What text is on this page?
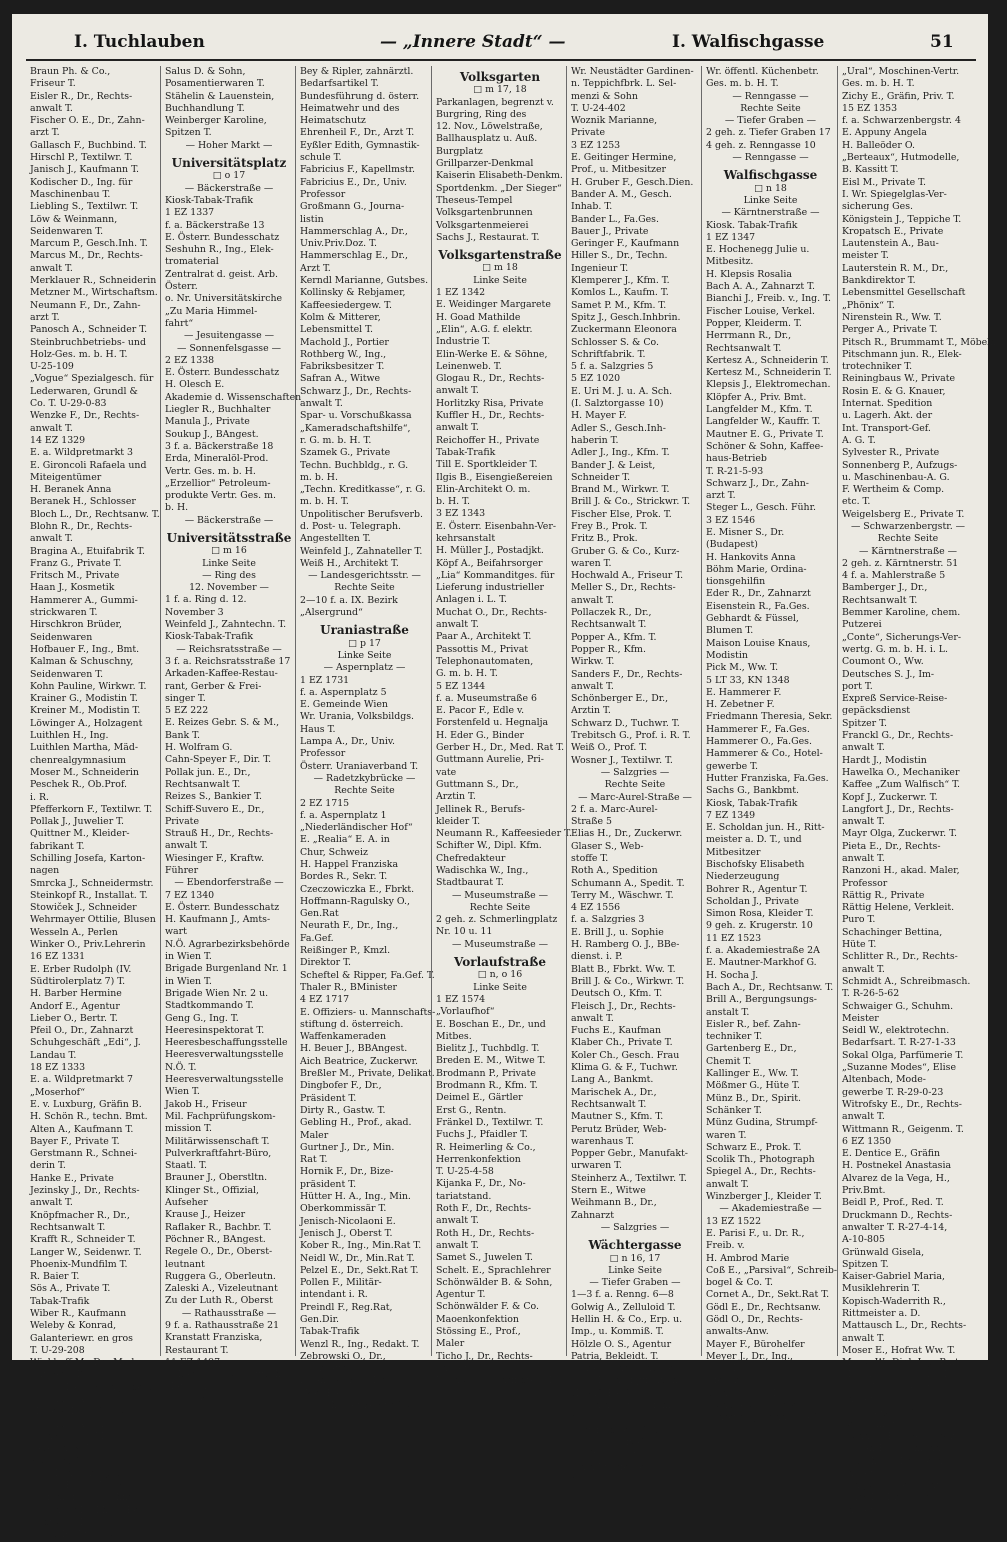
I. Tuchlauben	— „Innere Stadt“ —	I. Walfischgasse	51
Braun Ph. & Co.,
Friseur T.
Eisler R., Dr., Rechts-
anwalt T.
Fischer O. E., Dr., Zahn-
arzt T.
Gallasch F., Buchbind. T.
Hirschl P., Textilwr. T.
Janisch J., Kaufmann T.
Kodischer D., Ing. für
Maschinenbau T.
Liebling S., Textilwr. T.
Löw & Weinmann,
Seidenwaren T.
Marcum P., Gesch.Inh. T.
Marcus M., Dr., Rechts-
anwalt T.
Merklauer R., Schneiderin
Metzner M., Wirtschaftsm.
Neumann F., Dr., Zahn-
arzt T.
Panosch A., Schneider T.
Steinbruchbetriebs- und
Holz-Ges. m. b. H. T.
U-25-109
„Vogue“ Spezialgesch. für
Lederwaren, Grundl &
Co. T. U-29-0-83
Wenzke F., Dr., Rechts-
anwalt T.
14 EZ 1329
E. a. Wildpretmarkt 3
E. Gironcoli Rafaela und
Miteigentümer
H. Beranek Anna
Beranek H., Schlosser
Bloch L., Dr., Rechtsanw. T.
Blohn R., Dr., Rechts-
anwalt T.
Bragina A., Etuifabrik T.
Franz G., Private T.
Fritsch M., Private
Haan J., Kosmetik
Hammerer A., Gummi-
strickwaren T.
Hirschkron Brüder,
Seidenwaren
Hofbauer F., Ing., Bmt.
Kalman & Schuschny,
Seidenwaren T.
Kohn Pauline, Wirkwr. T.
Krainer G., Modistin T.
Kreiner M., Modistin T.
Löwinger A., Holzagent
Luithlen H., Ing.
Luithlen Martha, Mäd-
chenrealgymnasium
Moser M., Schneiderin
Peschek R., Ob.Prof.
i. R.
Pfefferkorn F., Textilwr. T.
Pollak J., Juwelier T.
Quittner M., Kleider-
fabrikant T.
Schilling Josefa, Karton-
nagen
Smrcka J., Schneidermstr.
Steinkopf R., Installat. T.
Stowiček J., Schneider
Wehrmayer Ottilie, Blusen
Wesseln A., Perlen
Winker O., Priv.Lehrerin
16 EZ 1331
E. Erber Rudolph (IV.
Südtirolerplatz 7) T.
H. Barber Hermine
Andorf E., Agentur
Lieber O., Bertr. T.
Pfeil O., Dr., Zahnarzt
Schuhgeschäft „Edi“, J.
Landau T.
18 EZ 1333
E. a. Wildpretmarkt 7
„Moserhof“
E. v. Luxburg, Gräfin B.
H. Schön R., techn. Bmt.
Alten A., Kaufmann T.
Bayer F., Private T.
Gerstmann R., Schnei-
derin T.
Hanke E., Private
Jezinsky J., Dr., Rechts-
anwalt T.
Knöpfmacher R., Dr.,
Rechtsanwalt T.
Krafft R., Schneider T.
Langer W., Seidenwr. T.
Phoenix-Mundfilm T.
R. Baier T.
Sös A., Private T.
Tabak-Trafik
Wiber R., Kaufmann
Weleby & Konrad,
Galanteriewr. en gros
T. U-29-208
Wickhoff M., Dr., Med.
Rat, Arzt T.
20 f. a. Landskrongasse 5
Hofbauer A. & B.,
Modew. T. U-29-1-53
Hofbauer A., Dr.
Frühwald R., Modew. T.
Tapeten- & Möbelstoff-
werke A. G. T.
— Landskrongasse —
22 f. a. Hoher Markt 5
Hoffenreich S., Schirme T.
Holzinger R., Photo-Bed.
Kristel F., T.
Hönig E., Juwelier T.
Salus D. & Sohn,
Posamentierwaren T.
Stähelin & Lauenstein,
Buchhandlung T.
Weinberger Karoline,
Spitzen T.
— Hoher Markt —
Universitätsplatz
□ o 17
— Bäckerstraße —
Kiosk-Tabak-Trafik
1 EZ 1337
f. a. Bäckerstraße 13
E. Österr. Bundesschatz
Seshuhn R., Ing., Elek-
tromaterial
Zentralrat d. geist. Arb.
Österr.
o. Nr. Universitätskirche
„Zu Maria Himmel-
fahrt“
— Jesuitengasse —
— Sonnenfelsgasse —
2 EZ 1338
E. Österr. Bundesschatz
H. Olesch E.
Akademie d. Wissenschaften
Liegler R., Buchhalter
Manula J., Private
Soukup J., BAngest.
3 f. a. Bäckerstraße 18
Erda, Mineralöl-Prod.
Vertr. Ges. m. b. H.
„Erzellior“ Petroleum-
produkte Vertr. Ges. m.
b. H.
— Bäckerstraße —
Universitätsstraße
□ m 16
Linke Seite
— Ring des
12. November —
1 f. a. Ring d. 12.
November 3
Weinfeld J., Zahntechn. T.
Kiosk-Tabak-Trafik
— Reichsratsstraße —
3 f. a. Reichsratsstraße 17
Arkaden-Kaffee-Restau-
rant, Gerber & Frei-
singer T.
5 EZ 222
E. Reizes Gebr. S. & M.,
Bank T.
H. Wolfram G.
Cahn-Speyer F., Dir. T.
Pollak jun. E., Dr.,
Rechtsanwalt T.
Reizes S., Bankier T.
Schiff-Suvero E., Dr.,
Private
Strauß H., Dr., Rechts-
anwalt T.
Wiesinger F., Kraftw.
Führer
— Ebendorferstraße —
7 EZ 1340
E. Österr. Bundesschatz
H. Kaufmann J., Amts-
wart
N.Ö. Agrarbezirksbehörde
in Wien T.
Brigade Burgenland Nr. 1
in Wien T.
Brigade Wien Nr. 2 u.
Stadtkommando T.
Geng G., Ing. T.
Heeresinspektorat T.
Heeresbeschaffungsstelle
Heeresverwaltungsstelle
N.Ö. T.
Heeresverwaltungsstelle
Wien T.
Jakob H., Friseur
Mil. Fachprüfungskom-
mission T.
Militärwissenschaft T.
Pulverkraftfahrt-Büro,
Staatl. T.
Brauner J., Oberstltn.
Klinger St., Offizial,
Aufseher
Krause J., Heizer
Raflaker R., Bachbr. T.
Pöchner R., BAngest.
Regele O., Dr., Oberst-
leutnant
Ruggera G., Oberleutn.
Zaleski A., Vizeleutnant
Zu der Luth R., Oberst
— Rathausstraße —
9 f. a. Rathausstraße 21
Kranstatt Franziska,
Restaurant T.
11 EZ 1497
E. Karbidwerke Deutsch-
Matrei A.G.
H. Stoces J.
Bey & Ripler, zahnärztl.
Bedarfsartikel T.
Bundesführung d. österr.
Heimatwehr und des
Heimatschutz
Ehrenheil F., Dr., Arzt T.
Eyßler Edith, Gymnastik-
schule T.
Fabricius F., Kapellmstr.
Fabricius E., Dr., Univ.
Professor
Großmann G., Journa-
listin
Hammerschlag A., Dr.,
Univ.Priv.Doz. T.
Hammerschlag E., Dr.,
Arzt T.
Kerndl Marianne, Gutsbes.
Kollinsky & Rebjamer,
Kaffeesiedergew. T.
Kolm & Mitterer,
Lebensmittel T.
Machold J., Portier
Rothberg W., Ing.,
Fabriksbesitzer T.
Safran A., Witwe
Schwarz J., Dr., Rechts-
anwalt T.
Spar- u. Vorschußkassa
„Kameradschaftshilfe“,
r. G. m. b. H. T.
Szamek G., Private
Techn. Buchbldg., r. G.
m. b. H.
„Techn. Kreditkasse“, r. G.
m. b. H. T.
Unpolitischer Berufsverb.
d. Post- u. Telegraph.
Angestellten T.
Weinfeld J., Zahnateller T.
Weiß H., Architekt T.
— Landesgerichtsstr. —
Rechte Seite
2—10 f. a. IX. Bezirk
„Alsergrund“
Uraniastraße
□ p 17
Linke Seite
— Aspernplatz —
1 EZ 1731
f. a. Aspernplatz 5
E. Gemeinde Wien
Wr. Urania, Volksbildgs.
Haus T.
Lampa A., Dr., Univ.
Professor
Österr. Uraniaverband T.
— Radetzkybrücke —
Rechte Seite
2 EZ 1715
f. a. Aspernplatz 1
„Niederländischer Hof“
E. „Realia“ E. A. in
Chur, Schweiz
H. Happel Franziska
Bordes R., Sekr. T.
Czeczowiczka E., Fbrkt.
Hoffmann-Ragulsky O.,
Gen.Rat
Neurath F., Dr., Ing.,
Fa.Gef.
Reißinger P., Kmzl.
Direktor T.
Scheftel & Ripper, Fa.Gef. T.
Thaler R., BMinister
4 EZ 1717
E. Offiziers- u. Mannschafts-
stiftung d. österreich.
Waffenkameraden
H. Beuer J., BBAngest.
Aich Beatrice, Zuckerwr.
Breßler M., Private, Delikat.
Dingbofer F., Dr.,
Präsident T.
Dirty R., Gastw. T.
Gebling H., Prof., akad.
Maler
Gurtner J., Dr., Min.
Rat T.
Hornik F., Dr., Bize-
präsident T.
Hütter H. A., Ing., Min.
Oberkommissär T.
Jenisch-Nicolaoni E.
Jenisch J., Oberst T.
Kober R., Ing., Min.Rat T.
Neidl W., Dr., Min.Rat T.
Pelzel E., Dr., Sekt.Rat T.
Pollen F., Militär-
intendant i. R.
Preindl F., Reg.Rat,
Gen.Dir.
Tabak-Trafik
Wenzl R., Ing., Redakt. T.
Zebrowski O., Dr.,
Oberbaurat
Zwanowetz E., Dr.,
LWer.Rat
— Schallautzerstraße —
Volksgarten
□ m 17, 18
Parkanlagen, begrenzt v.
Burgring, Ring des
12. Nov., Löwelstraße,
Ballhausplatz u. Auß.
Burgplatz
Grillparzer-Denkmal
Kaiserin Elisabeth-Denkm.
Sportdenkm. „Der Sieger“
Theseus-Tempel
Volksgartenbrunnen
Volksgartenmeierei
Sachs J., Restaurat. T.
Volksgartenstraße
□ m 18
Linke Seite
1 EZ 1342
E. Weidinger Margarete
H. Goad Mathilde
„Elin“, A.G. f. elektr.
Industrie T.
Elin-Werke E. & Söhne,
Leinenweb. T.
Glogau R., Dr., Rechts-
anwalt T.
Horlitzky Risa, Private
Kuffler H., Dr., Rechts-
anwalt T.
Reichoffer H., Private
Tabak-Trafik
Till E. Sportkleider T.
Ilgis B., Eisengießereien
Elin-Architekt O. m.
b. H. T.
3 EZ 1343
E. Österr. Eisenbahn-Ver-
kehrsanstalt
H. Müller J., Postadjkt.
Köpf A., Beifahrsorger
„Lia“ Kommanditges. für
Lieferung industrieller
Anlagen i. L. T.
Muchat O., Dr., Rechts-
anwalt T.
Paar A., Architekt T.
Passottis M., Privat
Telephonautomaten,
G. m. b. H. T.
5 EZ 1344
f. a. Museumstraße 6
E. Pacor F., Edle v.
Forstenfeld u. Hegnalja
H. Eder G., Binder
Gerber H., Dr., Med. Rat T.
Guttmann Aurelie, Pri-
vate
Guttmann S., Dr.,
Arztin T.
Jellinek R., Berufs-
kleider T.
Neumann R., Kaffeesieder T.
Schifter W., Dipl. Kfm.
Chefredakteur
Wadischka W., Ing.,
Stadtbaurat T.
— Museumstraße —
Rechte Seite
2 geh. z. Schmerlingplatz
Nr. 10 u. 11
— Museumstraße —
Vorlaufstraße
□ n, o 16
Linke Seite
1 EZ 1574
„Vorlaufhof“
E. Boschan E., Dr., und
Mitbes.
Bielitz J., Tuchbdlg. T.
Breden E. M., Witwe T.
Brodmann P., Private
Brodmann R., Kfm. T.
Deimel E., Gärtler
Erst G., Rentn.
Fränkel D., Textilwr. T.
Fuchs J., Pfaidler T.
R. Heimerling & Co.,
Herrenkonfektion
T. U-25-4-58
Kijanka F., Dr., No-
tariatstand.
Roth F., Dr., Rechts-
anwalt T.
Roth H., Dr., Rechts-
anwalt T.
Samet S., Juwelen T.
Schelt. E., Sprachlehrer
Schönwälder B. & Sohn,
Agentur T.
Schönwälder F. & Co.
Maoenkonfektion
Stössing E., Prof.,
Maler
Ticho J., Dr., Rechts-
anwalt T.
Wiener R., Schriftstell. T.
Wr. Neustädter Gardinen-
n. Teppichfbrk. L. Sel-
menzi & Sohn
T. U-24-402
Woznik Marianne,
Private
3 EZ 1253
E. Geitinger Hermine,
Prof., u. Mitbesitzer
H. Gruber F., Gesch.Dien.
Bander A. M., Gesch.
Inhab. T.
Bander L., Fa.Ges.
Bauer J., Private
Geringer F., Kaufmann
Hiller S., Dr., Techn.
Ingenieur T.
Klemperer J., Kfm. T.
Komlos L., Kaufm. T.
Samet P. M., Kfm. T.
Spitz J., Gesch.Inhbrin.
Zuckermann Eleonora
Schlosser S. & Co.
Schriftfabrik. T.
5 f. a. Salzgries 5
5 EZ 1020
E. Uri M. J. u. A. Sch.
(I. Salztorgasse 10)
H. Mayer F.
Adler S., Gesch.Inh-
haberin T.
Adler J., Ing., Kfm. T.
Bander J. & Leist,
Schneider T.
Brand M., Wirkwr. T.
Brill J. & Co., Strickwr. T.
Fischer Else, Prok. T.
Frey B., Prok. T.
Fritz B., Prok.
Gruber G. & Co., Kurz-
waren T.
Hochwald A., Friseur T.
Meller S., Dr., Rechts-
anwalt T.
Pollaczek R., Dr.,
Rechtsanwalt T.
Popper A., Kfm. T.
Popper R., Kfm.
Wirkw. T.
Sanders F., Dr., Rechts-
anwalt T.
Schönberger E., Dr.,
Arztin T.
Schwarz D., Tuchwr. T.
Trebitsch G., Prof. i. R. T.
Weiß O., Prof. T.
Wosner J., Textilwr. T.
— Salzgries —
Rechte Seite
— Marc-Aurel-Straße —
2 f. a. Marc-Aurel-
Straße 5
Elias H., Dr., Zuckerwr.
Glaser S., Web-
stoffe T.
Roth A., Spedition
Schumann A., Spedit. T.
Terry M., Wäschwr. T.
4 EZ 1556
f. a. Salzgries 3
E. Brill J., u. Sophie
H. Ramberg O. J., BBe-
dienst. i. P.
Blatt B., Fbrkt. Ww. T.
Brill J. & Co., Wirkwr. T.
Deutsch O., Kfm. T.
Fleisch J., Dr., Rechts-
anwalt T.
Fuchs E., Kaufman
Klaber Ch., Private T.
Koler Ch., Gesch. Frau
Klima G. & F., Tuchwr.
Lang A., Bankmt.
Marischek A., Dr.,
Rechtsanwalt T.
Mautner S., Kfm. T.
Perutz Brüder, Web-
warenhaus T.
Popper Gebr., Manufakt-
urwaren T.
Steinherz A., Textilwr. T.
Stern E., Witwe
Weihmann B., Dr.,
Zahnarzt
— Salzgries —
Wächtergasse
□ n 16, 17
Linke Seite
— Tiefer Graben —
1—3 f. a. Renng. 6—8
Golwig A., Zelluloid T.
Hellin H. & Co., Erp. u.
Imp., u. Kommiß. T.
Hölzle O. S., Agentur
Patria, Bekleidt. T.
Petra Steinbruchgesell.
m. b. H. in Liquidation
„Riva“, Parfümerie- u.
Seifenindustr. Gef. m.
b. H.
Bertrichswerk-Gesell.
f. Erz. d. „Riva“
Parfümerie- u. Sei-
fenindustrie Gef. m.
b. H.
Wr. öffentl. Küchenbetr.
Ges. m. b. H. T.
— Renngasse —
Rechte Seite
— Tiefer Graben —
2 geh. z. Tiefer Graben 17
4 geh. z. Renngasse 10
— Renngasse —
Walfischgasse
□ n 18
Linke Seite
— Kärntnerstraße —
Kiosk. Tabak-Trafik
1 EZ 1347
E. Hochenegg Julie u.
Mitbesitz.
H. Klepsis Rosalia
Bach A. A., Zahnarzt T.
Bianchi J., Freib. v., Ing. T.
Fischer Louise, Verkel.
Popper, Kleiderm. T.
Herrmann R., Dr.,
Rechtsanwalt T.
Kertesz A., Schneiderin T.
Kertesz M., Schneiderin T.
Klepsis J., Elektromechan.
Klöpfer A., Priv. Bmt.
Langfelder M., Kfm. T.
Langfelder W., Kauffr. T.
Mautner E. G., Private T.
Schöner & Sohn, Kaffee-
haus-Betrieb
T. R-21-5-93
Schwarz J., Dr., Zahn-
arzt T.
Steger L., Gesch. Führ.
3 EZ 1546
E. Misner S., Dr.
(Budapest)
H. Hankovits Anna
Böhm Marie, Ordina-
tionsgehilfin
Eder R., Dr., Zahnarzt
Eisenstein R., Fa.Ges.
Gebhardt & Füssel,
Blumen T.
Maison Louise Knaus,
Modistin
Pick M., Ww. T.
5 LT 33, KN 1348
E. Hammerer F.
H. Zebetner F.
Friedmann Theresia, Sekr.
Hammerer F., Fa.Ges.
Hammerer O., Fa.Ges.
Hammerer & Co., Hotel-
gewerbe T.
Hutter Franziska, Fa.Ges.
Sachs G., Bankbmt.
Kiosk, Tabak-Trafik
7 EZ 1349
E. Scholdan jun. H., Ritt-
meister a. D. T., und
Mitbesitzer
Bischofsky Elisabeth
Niederzeugung
Bohrer R., Agentur T.
Scholdan J., Private
Simon Rosa, Kleider T.
9 geh. z. Krugerstr. 10
11 EZ 1523
f. a. Akademiestraße 2A
E. Mautner-Markhof G.
H. Socha J.
Bach A., Dr., Rechtsanw. T.
Brill A., Bergungsungs-
anstalt T.
Eisler R., bef. Zahn-
techniker T.
Gartenberg E., Dr.,
Chemit T.
Kallinger E., Ww. T.
Mößmer G., Hüte T.
Münz B., Dr., Spirit.
Schänker T.
Münz Gudina, Strumpf-
waren T.
Schwarz E., Prok. T.
Scolik Th., Photograph
Spiegel A., Dr., Rechts-
anwalt T.
Winzberger J., Kleider T.
— Akademiestraße —
13 EZ 1522
E. Parisi F., u. Dr. R.,
Freib. v.
H. Ambrod Marie
Coß E., „Parsival“, Schreib-
bogel & Co. T.
Cornet A., Dr., Sekt.Rat T.
Gödl E., Dr., Rechtsanw.
Gödl O., Dr., Rechts-
anwalts-Anw.
Mayer F., Bürohelfer
Meyer J., Dr., Ing.,
Kmzl.Rat
Nieder-Ost. Ges. f.
Clant. A. G. i. L.
Reinthaler R., Private
Schreybogel Anna, Fa.Ges.
„Ural“, Moschinen-Vertr.
Ges. m. b. H. T.
Zichy E., Gräfin, Priv. T.
15 EZ 1353
f. a. Schwarzenbergstr. 4
E. Appuny Angela
H. Balleöder O.
„Berteaux“, Hutmodelle,
B. Kassitt T.
Eisl M., Private T.
I. Wr. Spiegelglas-Ver-
sicherung Ges.
Königstein J., Teppiche T.
Kropatsch E., Private
Lautenstein A., Bau-
meister T.
Lauterstein R. M., Dr.,
Bankdirektor T.
Lebensmittel Gesellschaft
„Phönix“ T.
Nirenstein R., Ww. T.
Perger A., Private T.
Pitsch R., Brummamt T., Möbeln T.
Pitschmann jun. R., Elek-
trotechniker T.
Reiningbaus W., Private
Rosin E. & G. Knauer,
Internat. Spedition
u. Lagerh. Akt. der
Int. Transport-Gef.
A. G. T.
Sylvester R., Private
Sonnenberg P., Aufzugs-
u. Maschinenbau-A. G.
F. Wertheim & Comp.
etc. T.
Weigelsberg E., Private T.
— Schwarzenbergstr. —
Rechte Seite
— Kärntnerstraße —
2 geh. z. Kärntnerstr. 51
4 f. a. Mahlerstraße 5
Bamberger J., Dr.,
Rechtsanwalt T.
Bemmer Karoline, chem.
Putzerei
„Conte“, Sicherungs-Ver-
wertg. G. m. b. H. i. L.
Coumont O., Ww.
Deutsches S. J., Im-
port T.
Expreß Service-Reise-
gepäcksdienst
Spitzer T.
Franckl G., Dr., Rechts-
anwalt T.
Hardt J., Modistin
Hawelka O., Mechaniker
Kaffee „Zum Walfisch“ T.
Kopf J., Zuckerwr. T.
Langfort J., Dr., Rechts-
anwalt T.
Mayr Olga, Zuckerwr. T.
Pieta E., Dr., Rechts-
anwalt T.
Ranzoni H., akad. Maler,
Professor
Rättig R., Private
Rättig Helene, Verkleit.
Puro T.
Schachinger Bettina,
Hüte T.
Schlitter R., Dr., Rechts-
anwalt T.
Schmidt A., Schreibmasch.
T. R-26-5-62
Schwaiger G., Schuhm.
Meister
Seidl W., elektrotechn.
Bedarfsart. T. R-27-1-33
Sokal Olga, Parfümerie T.
„Suzanne Modes“, Elise
Altenbach, Mode-
gewerbe T. R-29-0-23
Witrofsky E., Dr., Rechts-
anwalt T.
Wittmann R., Geigenm. T.
6 EZ 1350
E. Dentice E., Gräfin
H. Postnekel Anastasia
Alvarez de la Vega, H.,
Priv.Bmt.
Beidl P., Prof., Red. T.
Druckmann D., Rechts-
anwalter T. R-27-4-14,
A-10-805
Grünwald Gisela,
Spitzen T.
Kaiser-Gabriel Maria,
Musiklehrerin T.
Kopisch-Waderrith R.,
Rittmeister a. D.
Mattausch L., Dr., Rechts-
anwalt T.
Moser E., Hofrat Ww. T.
Moser W., Dipl.-Ing. Bmt.
Müller F., Lederimp. T.
Pobst J., Dr., Rechts-
anwalt T.
Polst Magdalene,
Lebensmittel T.
Reinhold R. & A., Tapez. T.
Roman F., Kaufmann
Rupschl O., Dr., Rechts-
anwalt
Senger E., Gemischtwr. T.
Stark B., Dr., Rechts-
anwalt T.
